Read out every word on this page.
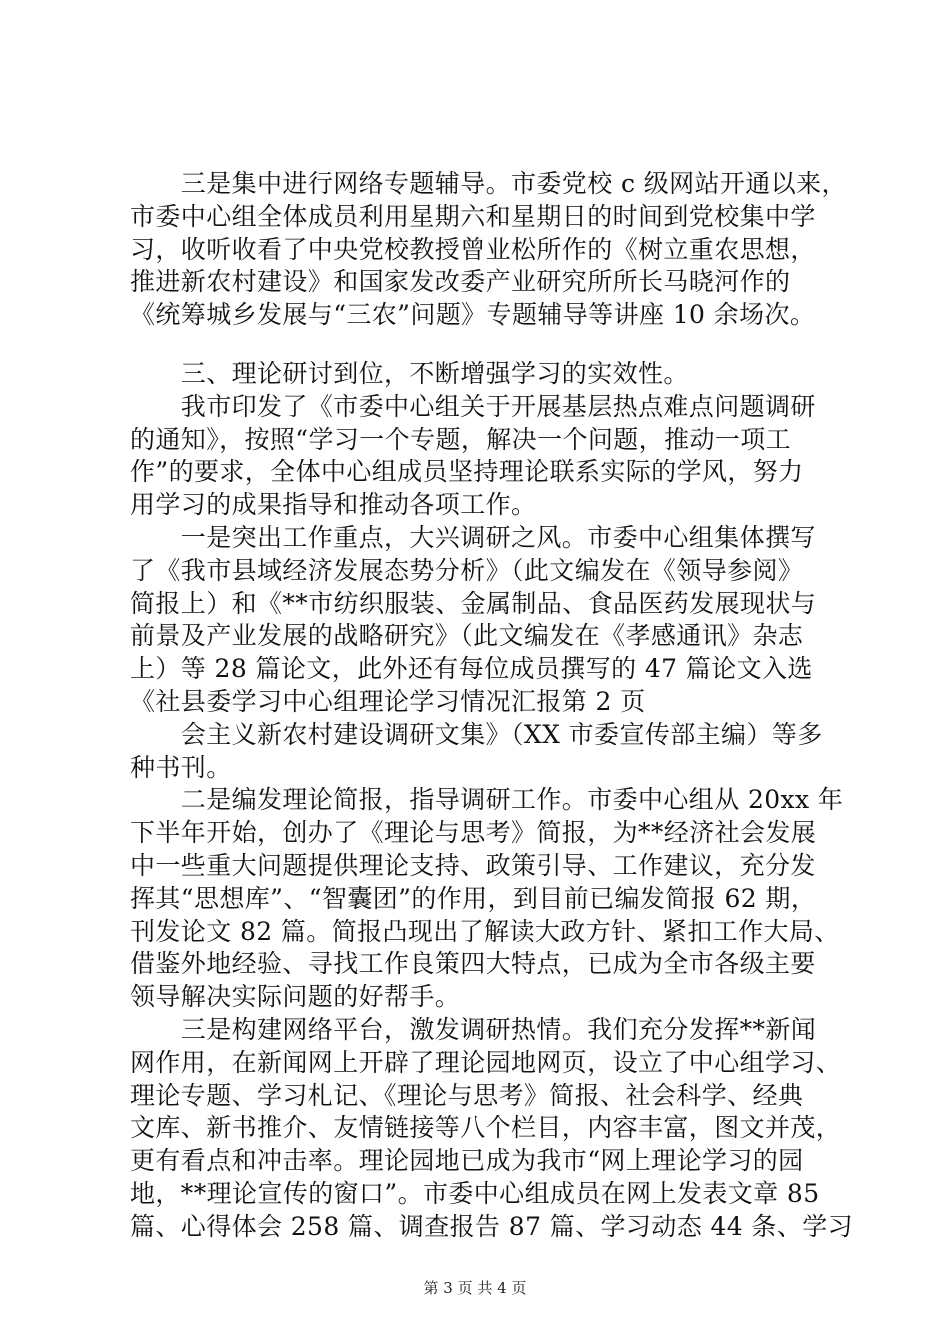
　　三是集中进行网络专题辅导。市委党校 c 级网站开通以来，
市委中心组全体成员利用星期六和星期日的时间到党校集中学
习，收听收看了中央党校教授曾业松所作的《树立重农思想，
推进新农村建设》和国家发改委产业研究所所长马晓河作的
《统筹城乡发展与“三农”问题》专题辅导等讲座 10 余场次。
　　三、理论研讨到位，不断增强学习的实效性。
　　我市印发了《市委中心组关于开展基层热点难点问题调研
的通知》，按照“学习一个专题，解决一个问题，推动一项工
作”的要求，全体中心组成员坚持理论联系实际的学风，努力
用学习的成果指导和推动各项工作。
　　一是突出工作重点，大兴调研之风。市委中心组集体撰写
了《我市县域经济发展态势分析》（此文编发在《领导参阅》
简报上）和《**市纺织服装、金属制品、食品医药发展现状与
前景及产业发展的战略研究》（此文编发在《孝感通讯》杂志
上）等 28 篇论文，此外还有每位成员撰写的 47 篇论文入选
《社县委学习中心组理论学习情况汇报第 2 页
　　会主义新农村建设调研文集》（XX 市委宣传部主编）等多
种书刊。
　　二是编发理论简报，指导调研工作。市委中心组从 20xx 年
下半年开始，创办了《理论与思考》简报，为**经济社会发展
中一些重大问题提供理论支持、政策引导、工作建议，充分发
挥其“思想库”、“智囊团”的作用，到目前已编发简报 62 期，
刊发论文 82 篇。简报凸现出了解读大政方针、紧扣工作大局、
借鉴外地经验、寻找工作良策四大特点，已成为全市各级主要
领导解决实际问题的好帮手。
　　三是构建网络平台，激发调研热情。我们充分发挥**新闻
网作用，在新闻网上开辟了理论园地网页，设立了中心组学习、
理论专题、学习札记、《理论与思考》简报、社会科学、经典
文库、新书推介、友情链接等八个栏目，内容丰富，图文并茂，
更有看点和冲击率。理论园地已成为我市“网上理论学习的园
地，**理论宣传的窗口”。市委中心组成员在网上发表文章 85
篇、心得体会 258 篇、调查报告 87 篇、学习动态 44 条、学习
第 3 页 共 4 页
